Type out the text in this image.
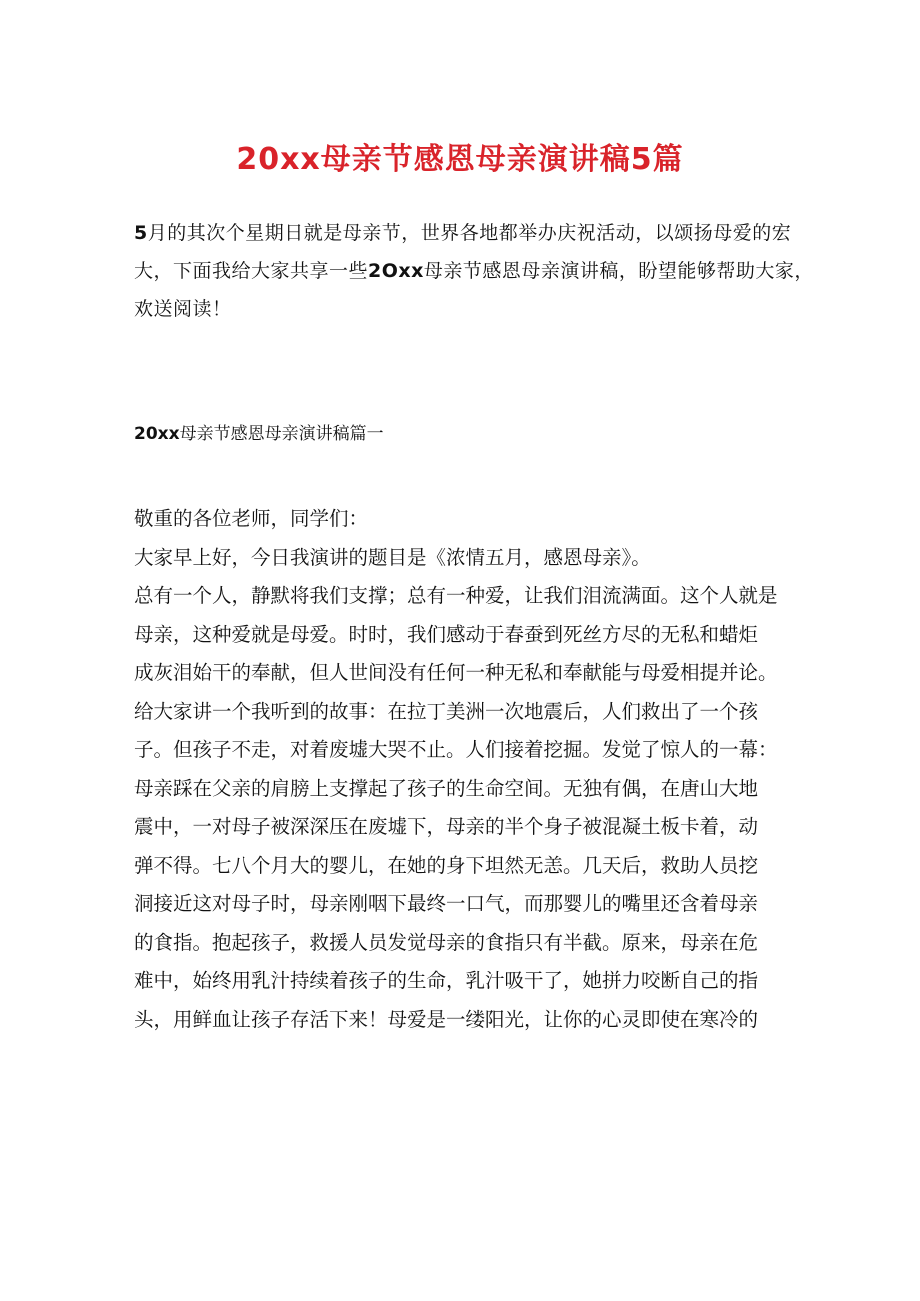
20xx母亲节感恩母亲演讲稿5篇

5月的其次个星期日就是母亲节，世界各地都举办庆祝活动，以颂扬母爱的宏
大，下面我给大家共享一些2Oxx母亲节感恩母亲演讲稿，盼望能够帮助大家，
欢送阅读！

20xx母亲节感恩母亲演讲稿篇一

敬重的各位老师，同学们：
大家早上好，今日我演讲的题目是《浓情五月，感恩母亲》。
总有一个人，静默将我们支撑；总有一种爱，让我们泪流满面。这个人就是
母亲，这种爱就是母爱。时时，我们感动于春蚕到死丝方尽的无私和蜡炬
成灰泪始干的奉献，但人世间没有任何一种无私和奉献能与母爱相提并论。
给大家讲一个我听到的故事：在拉丁美洲一次地震后，人们救出了一个孩
子。但孩子不走，对着废墟大哭不止。人们接着挖掘。发觉了惊人的一幕：
母亲踩在父亲的肩膀上支撑起了孩子的生命空间。无独有偶，在唐山大地
震中，一对母子被深深压在废墟下，母亲的半个身子被混凝土板卡着，动
弹不得。七八个月大的婴儿，在她的身下坦然无恙。几天后，救助人员挖
洞接近这对母子时，母亲刚咽下最终一口气，而那婴儿的嘴里还含着母亲
的食指。抱起孩子，救援人员发觉母亲的食指只有半截。原来，母亲在危
难中，始终用乳汁持续着孩子的生命，乳汁吸干了，她拼力咬断自己的指
头，用鲜血让孩子存活下来！母爱是一缕阳光，让你的心灵即使在寒冷的
